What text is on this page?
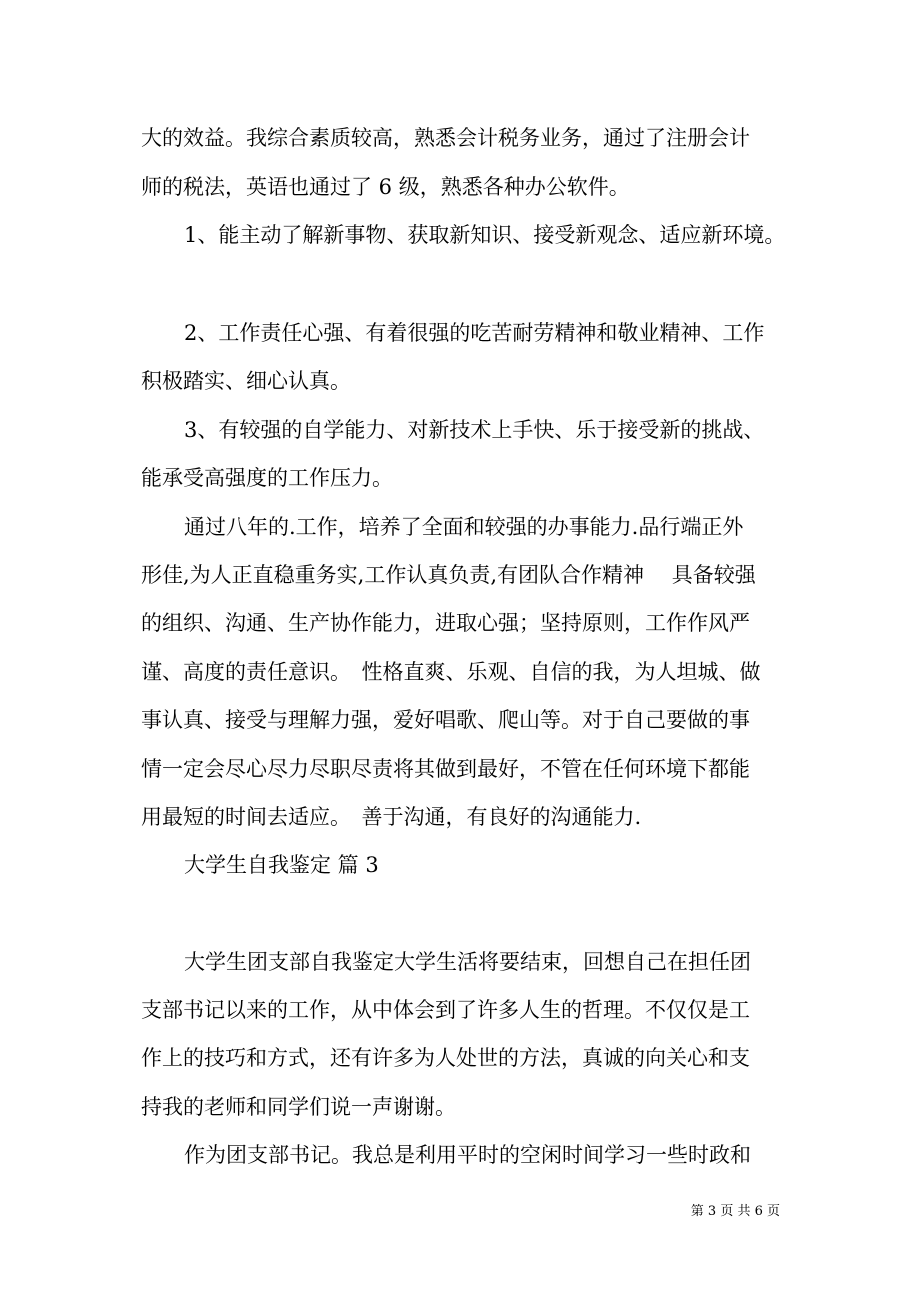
大的效益。我综合素质较高，熟悉会计税务业务，通过了注册会计

师的税法，英语也通过了 6 级，熟悉各种办公软件。

1、能主动了解新事物、获取新知识、接受新观念、适应新环境。

2、工作责任心强、有着很强的吃苦耐劳精神和敬业精神、工作

积极踏实、细心认真。

3、有较强的自学能力、对新技术上手快、乐于接受新的挑战、

能承受高强度的工作压力。

通过八年的.工作，培养了全面和较强的办事能力.品行端正外

形佳,为人正直稳重务实,工作认真负责,有团队合作精神　 具备较强

的组织、沟通、生产协作能力，进取心强；坚持原则，工作作风严

谨、高度的责任意识。　性格直爽、乐观、自信的我，为人坦城、做

事认真、接受与理解力强，爱好唱歌、爬山等。对于自己要做的事

情一定会尽心尽力尽职尽责将其做到最好，不管在任何环境下都能

用最短的时间去适应。　善于沟通，有良好的沟通能力.

大学生自我鉴定 篇 3

大学生团支部自我鉴定大学生活将要结束，回想自己在担任团

支部书记以来的工作，从中体会到了许多人生的哲理。不仅仅是工

作上的技巧和方式，还有许多为人处世的方法，真诚的向关心和支

持我的老师和同学们说一声谢谢。

作为团支部书记。我总是利用平时的空闲时间学习一些时政和

第 3 页 共 6 页
